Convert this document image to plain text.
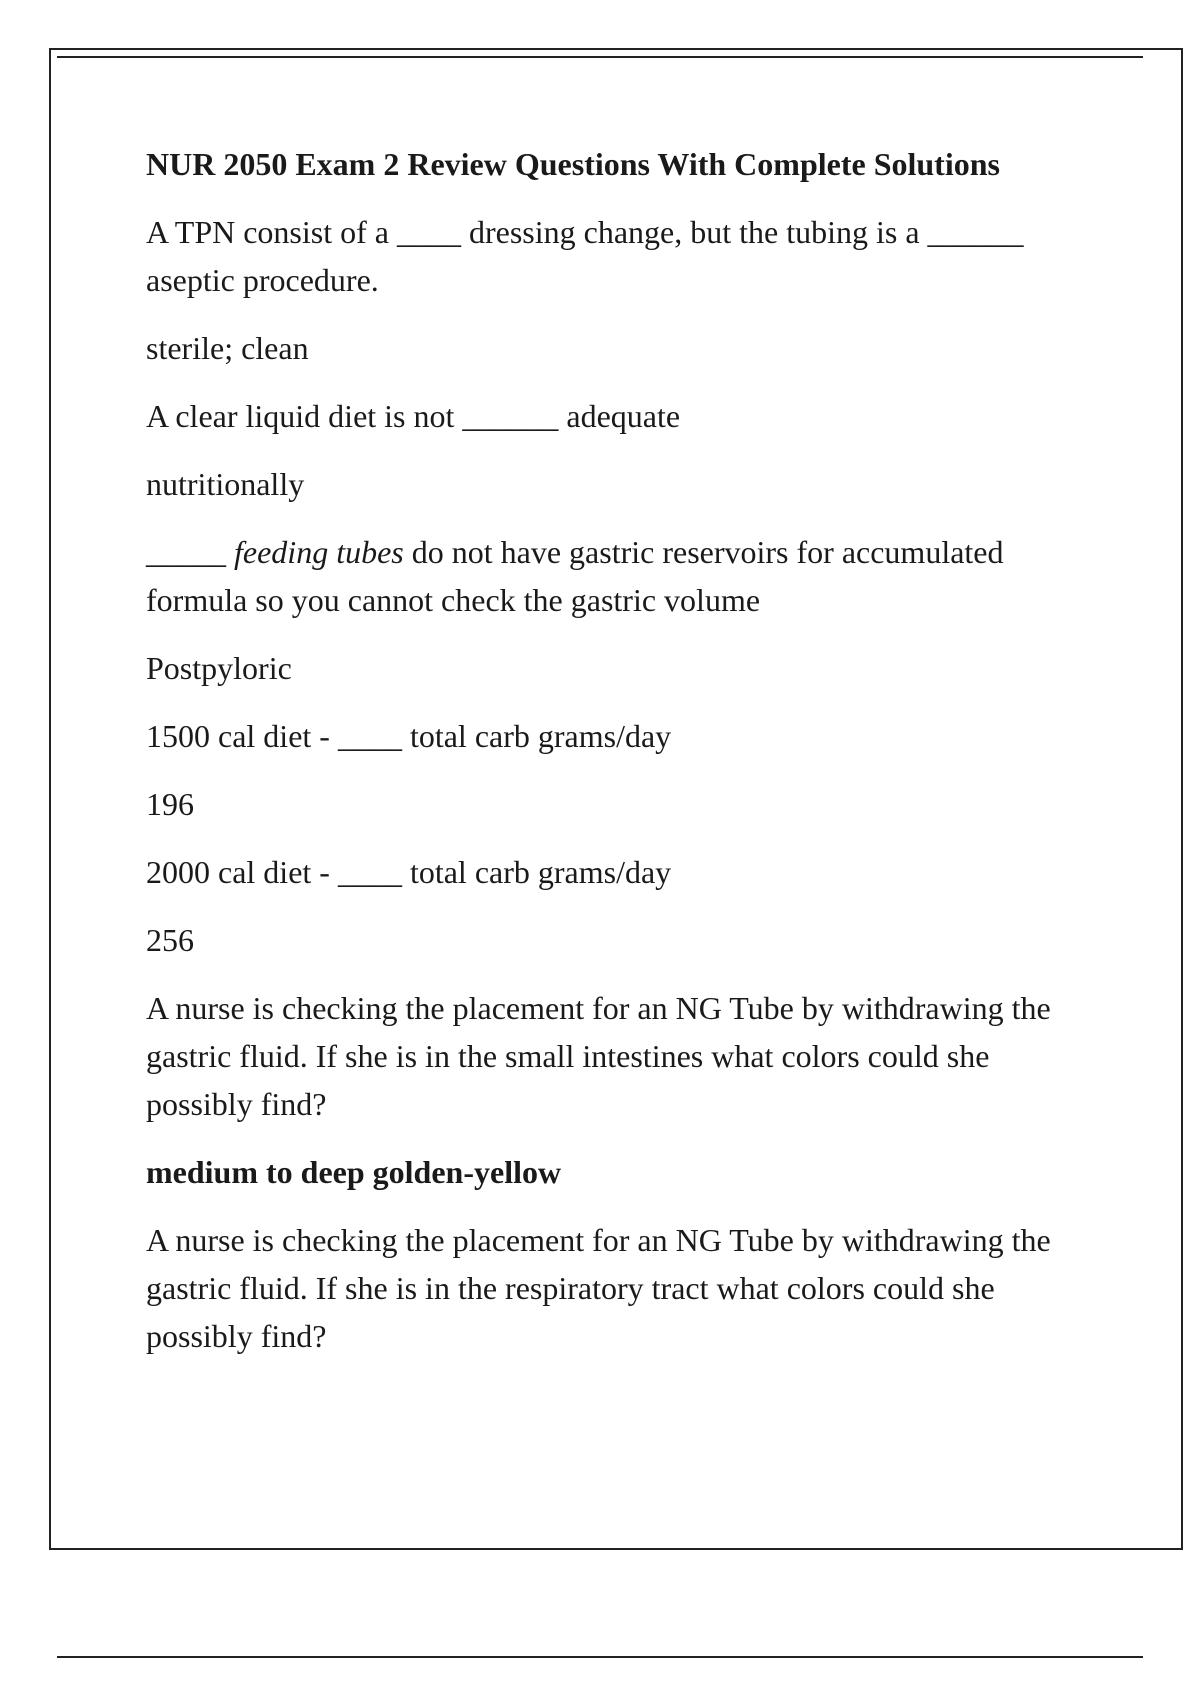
NUR 2050 Exam 2 Review Questions With Complete Solutions
A TPN consist of a ____ dressing change, but the tubing is a ______ aseptic procedure.
sterile; clean
A clear liquid diet is not ______ adequate
nutritionally
_____ feeding tubes do not have gastric reservoirs for accumulated formula so you cannot check the gastric volume
Postpyloric
1500 cal diet - ____ total carb grams/day
196
2000 cal diet - ____ total carb grams/day
256
A nurse is checking the placement for an NG Tube by withdrawing the gastric fluid. If she is in the small intestines what colors could she possibly find?
medium to deep golden-yellow
A nurse is checking the placement for an NG Tube by withdrawing the gastric fluid. If she is in the respiratory tract what colors could she possibly find?
